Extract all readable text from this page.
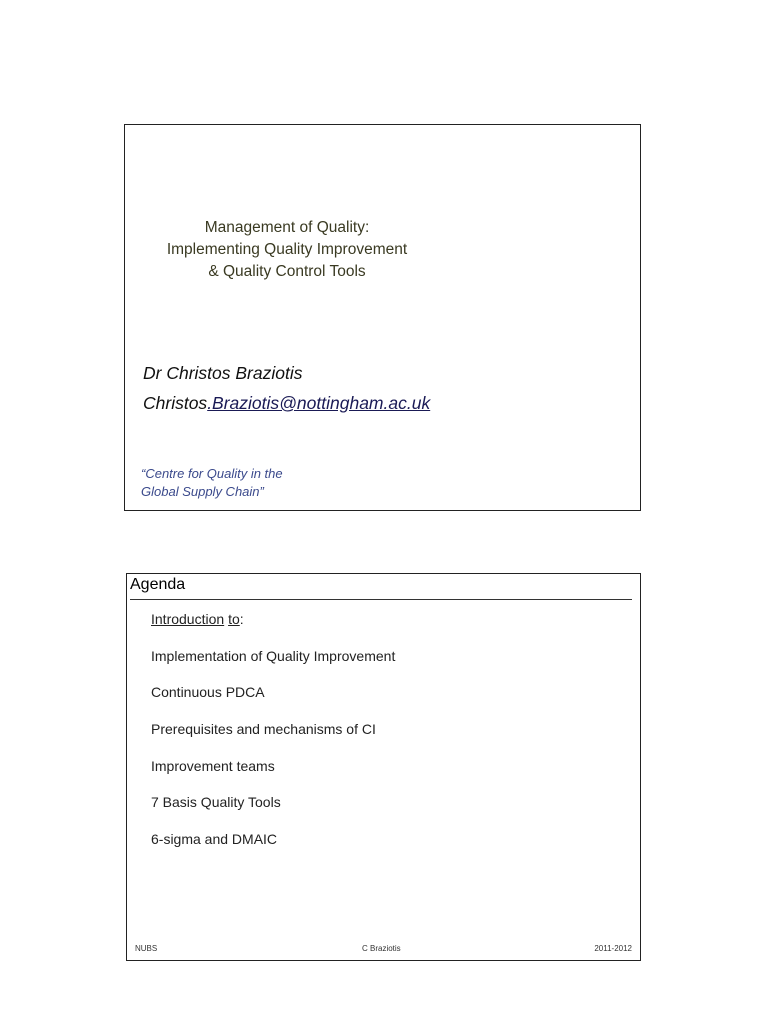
Management of Quality:
Implementing Quality Improvement
& Quality Control Tools
Dr Christos Braziotis
Christos.Braziotis@nottingham.ac.uk
“Centre for Quality in the
Global Supply Chain”
Agenda
Introduction to:
Implementation of Quality Improvement
Continuous PDCA
Prerequisites and mechanisms of CI
Improvement teams
7 Basis Quality Tools
6-sigma and DMAIC
NUBS	C Braziotis	2011-2012
